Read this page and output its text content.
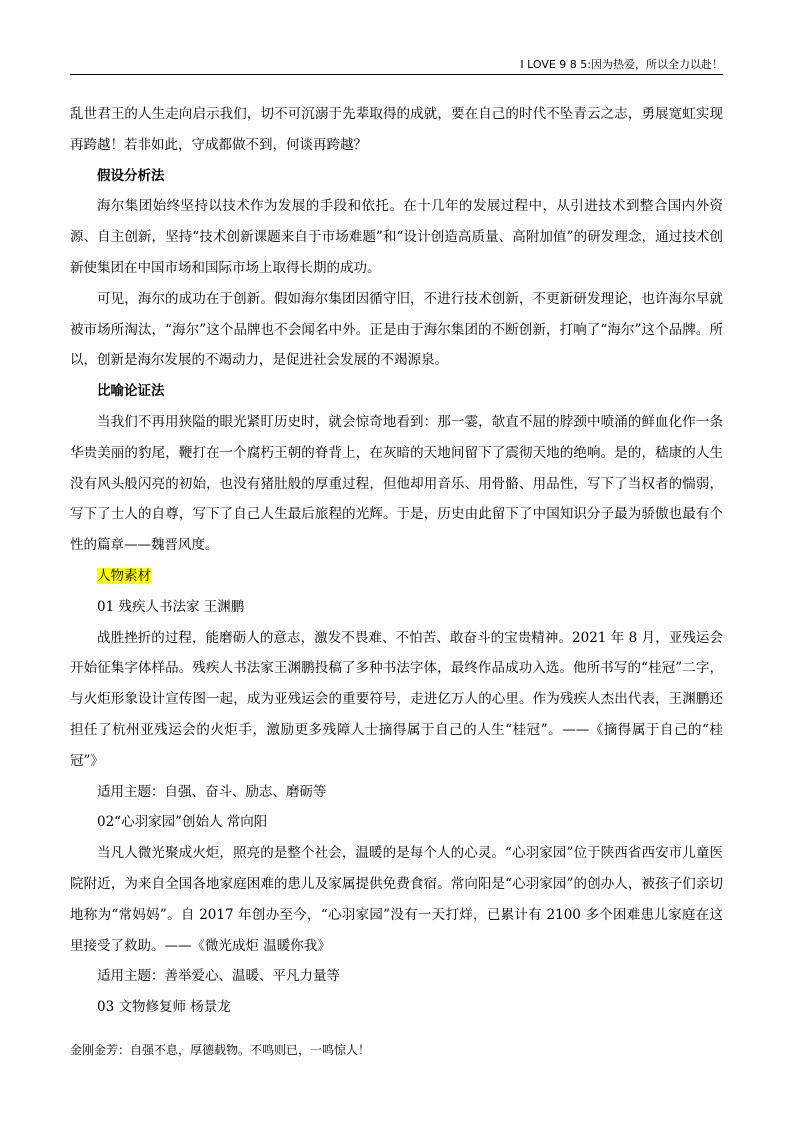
I LOVE 9 8 5:因为热爱，所以全力以赴！

乱世君王的人生走向启示我们，切不可沉溺于先辈取得的成就，要在自己的时代不坠青云之志，勇展宽虹实现再跨越！若非如此，守成都做不到，何谈再跨越？

假设分析法

海尔集团始终坚持以技术作为发展的手段和依托。在十几年的发展过程中，从引进技术到整合国内外资源、自主创新，坚持“技术创新课题来自于市场难题”和“设计创造高质量、高附加值”的研发理念，通过技术创新使集团在中国市场和国际市场上取得长期的成功。

可见，海尔的成功在于创新。假如海尔集团因循守旧，不进行技术创新，不更新研发理论，也许海尔早就被市场所淘汰，“海尔”这个品牌也不会闻名中外。正是由于海尔集团的不断创新，打响了“海尔”这个品牌。所以，创新是海尔发展的不竭动力，是促进社会发展的不竭源泉。

比喻论证法

当我们不再用狭隘的眼光紧盯历史时，就会惊奇地看到：那一霎，欹直不屈的脖颈中喷涌的鲜血化作一条华贵美丽的豹尾，鞭打在一个腐朽王朝的脊背上，在灰暗的天地间留下了震彻天地的绝响。是的，嵇康的人生没有风头般闪亮的初始，也没有猪肚般的厚重过程，但他却用音乐、用骨骼、用品性，写下了当权者的惴弱，写下了士人的自尊，写下了自己人生最后旅程的光辉。于是，历史由此留下了中国知识分子最为骄傲也最有个性的篇章——魏晋风度。

人物素材

01 残疾人书法家 王渊鹏

战胜挫折的过程，能磨砺人的意志，激发不畏难、不怕苦、敢奋斗的宝贵精神。2021 年 8 月，亚残运会开始征集字体样品。残疾人书法家王渊鹏投稿了多种书法字体，最终作品成功入选。他所书写的“桂冠”二字，与火炬形象设计宣传图一起，成为亚残运会的重要符号，走进亿万人的心里。作为残疾人杰出代表，王渊鹏还担任了杭州亚残运会的火炬手，激励更多残障人士摘得属于自己的人生“桂冠”。——《摘得属于自己的“桂冠”》

适用主题：自强、奋斗、励志、磨砺等

02“心羽家园”创始人 常向阳

当凡人微光聚成火炬，照亮的是整个社会，温暖的是每个人的心灵。“心羽家园”位于陕西省西安市儿童医院附近，为来自全国各地家庭困难的患儿及家属提供免费食宿。常向阳是“心羽家园”的创办人，被孩子们亲切地称为“常妈妈”。自 2017 年创办至今，“心羽家园”没有一天打烊，已累计有 2100 多个困难患儿家庭在这里接受了救助。——《微光成炬 温暖你我》

适用主题：善举爱心、温暖、平凡力量等

03 文物修复师 杨景龙

金刚金芳：自强不息，厚德载物。不鸣则已，一鸣惊人！
